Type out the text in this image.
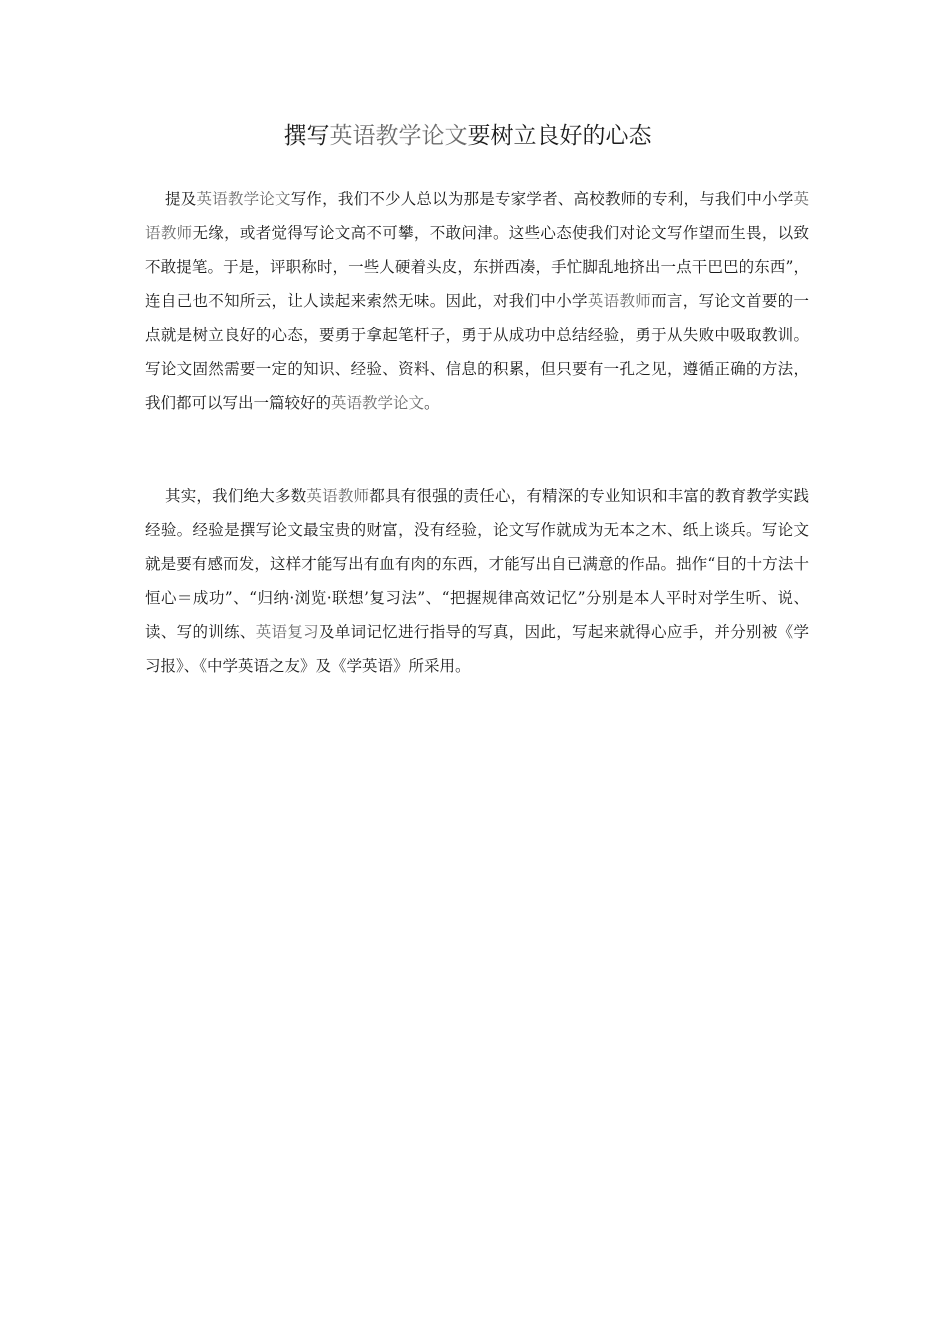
撰写英语教学论文要树立良好的心态

提及英语教学论文写作，我们不少人总以为那是专家学者、高校教师的专利，与我们中小学英语教师无缘，或者觉得写论文高不可攀，不敢问津。这些心态使我们对论文写作望而生畏，以致不敢提笔。于是，评职称时，一些人硬着头皮，东拼西凑，手忙脚乱地挤出一点干巴巴的东西”，连自己也不知所云，让人读起来索然无味。因此，对我们中小学英语教师而言，写论文首要的一点就是树立良好的心态，要勇于拿起笔杆子，勇于从成功中总结经验，勇于从失败中吸取教训。写论文固然需要一定的知识、经验、资料、信息的积累，但只要有一孔之见，遵循正确的方法，我们都可以写出一篇较好的英语教学论文。

其实，我们绝大多数英语教师都具有很强的责任心，有精深的专业知识和丰富的教育教学实践经验。经验是撰写论文最宝贵的财富，没有经验，论文写作就成为无本之木、纸上谈兵。写论文就是要有感而发，这样才能写出有血有肉的东西，才能写出自已满意的作品。拙作“目的十方法十恒心＝成功”、“归纳·浏览·联想’复习法”、“把握规律高效记忆”分别是本人平时对学生听、说、读、写的训练、英语复习及单词记忆进行指导的写真，因此，写起来就得心应手，并分别被《学习报》、《中学英语之友》及《学英语》所采用。
